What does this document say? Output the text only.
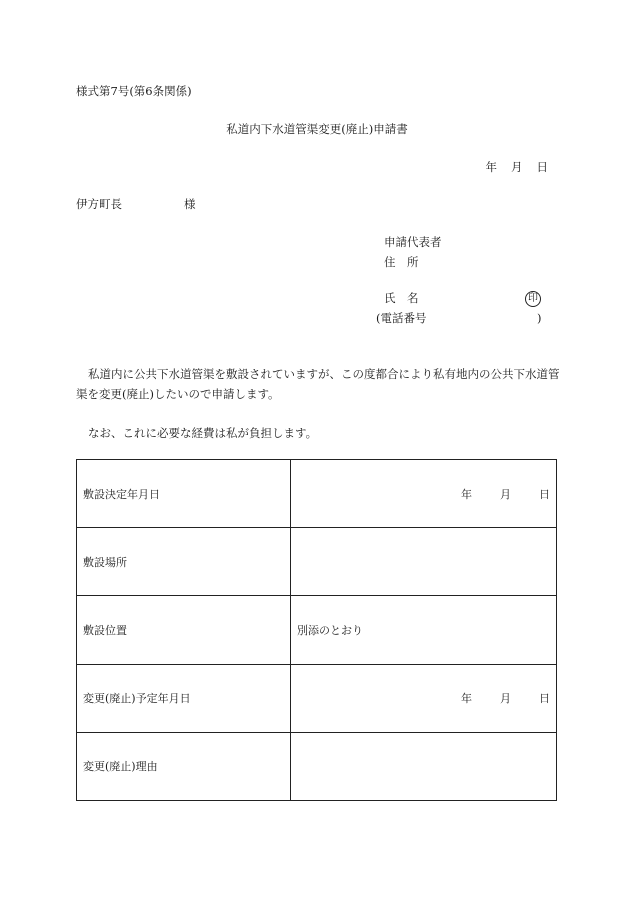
様式第7号(第6条関係)
私道内下水道管渠変更(廃止)申請書
年 月 日
伊方町長	様
申請代表者
住　所
氏　名	印
(電話番号	)
私道内に公共下水道管渠を敷設されていますが、この度都合により私有地内の公共下水道管渠を変更(廃止)したいので申請します。
なお、これに必要な経費は私が負担します。
敷設決定年月日	年 月 日
敷設場所	
敷設位置	別添のとおり
変更(廃止)予定年月日	年 月 日
変更(廃止)理由	
